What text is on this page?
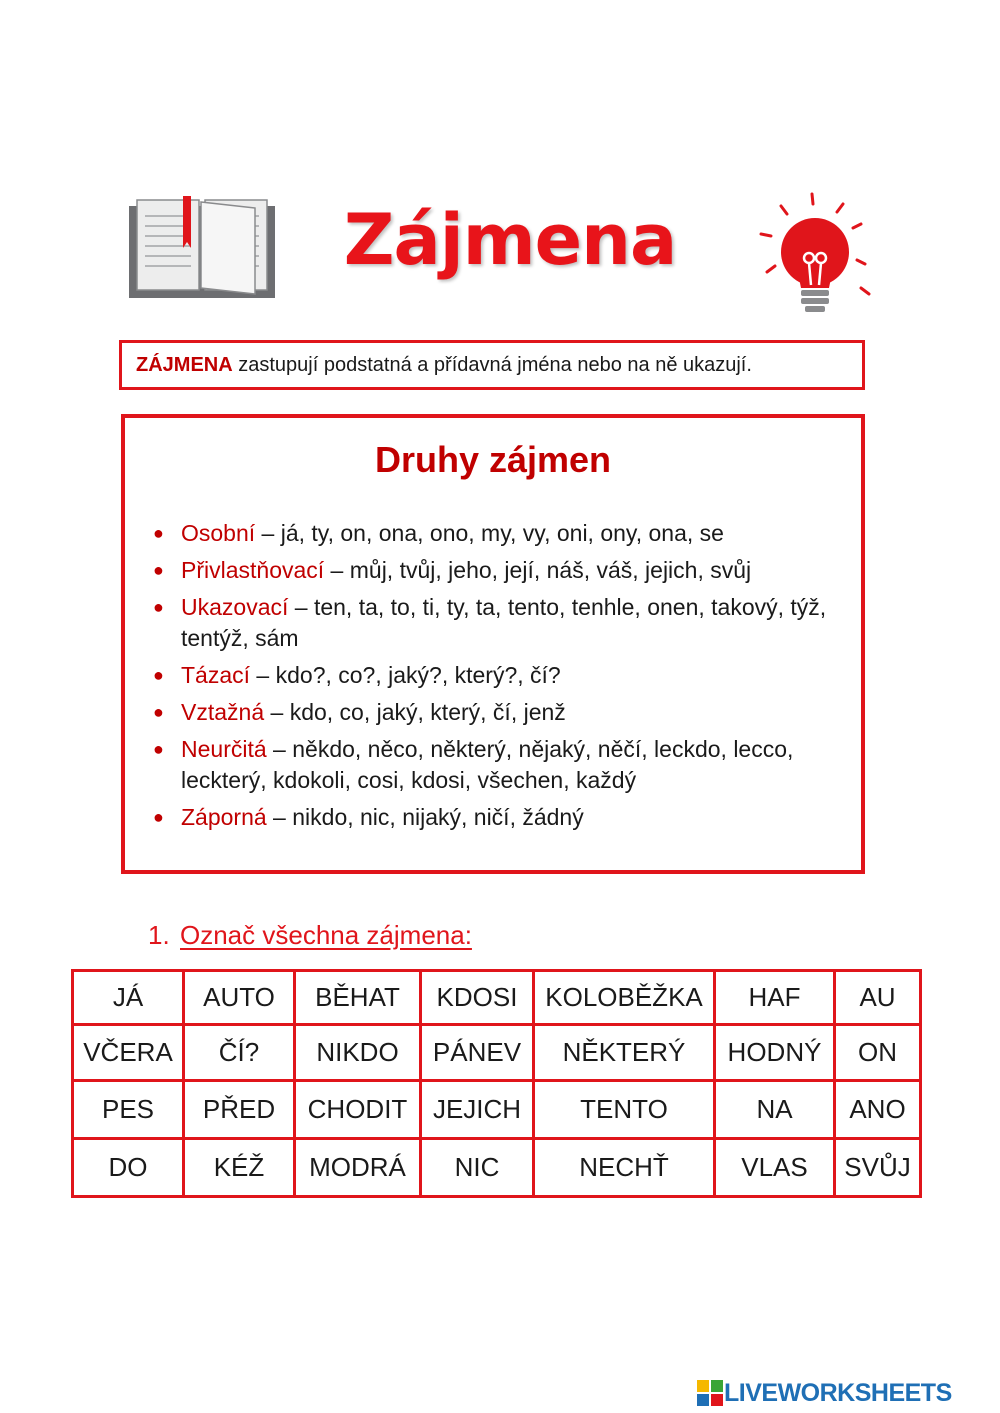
Zájmena
ZÁJMENA zastupují podstatná a přídavná jména nebo na ně ukazují.
Druhy zájmen
● Osobní – já, ty, on, ona, ono, my, vy, oni, ony, ona, se
● Přivlastňovací – můj, tvůj, jeho, její, náš, váš, jejich, svůj
● Ukazovací – ten, ta, to, ti, ty, ta, tento, tenhle, onen, takový, týž, tentýž, sám
● Tázací – kdo?, co?, jaký?, který?, čí?
● Vztažná – kdo, co, jaký, který, čí, jenž
● Neurčitá – někdo, něco, některý, nějaký, něčí, leckdo, lecco, leckterý, kdokoli, cosi, kdosi, všechen, každý
● Záporná – nikdo, nic, nijaký, ničí, žádný
1. Označ všechna zájmena:
JÁ	AUTO	BĚHAT	KDOSI	KOLOBĚŽKA	HAF	AU
VČERA	ČÍ?	NIKDO	PÁNEV	NĚKTERÝ	HODNÝ	ON
PES	PŘED	CHODIT	JEJICH	TENTO	NA	ANO
DO	KÉŽ	MODRÁ	NIC	NECHŤ	VLAS	SVŮJ
LIVEWORKSHEETS
